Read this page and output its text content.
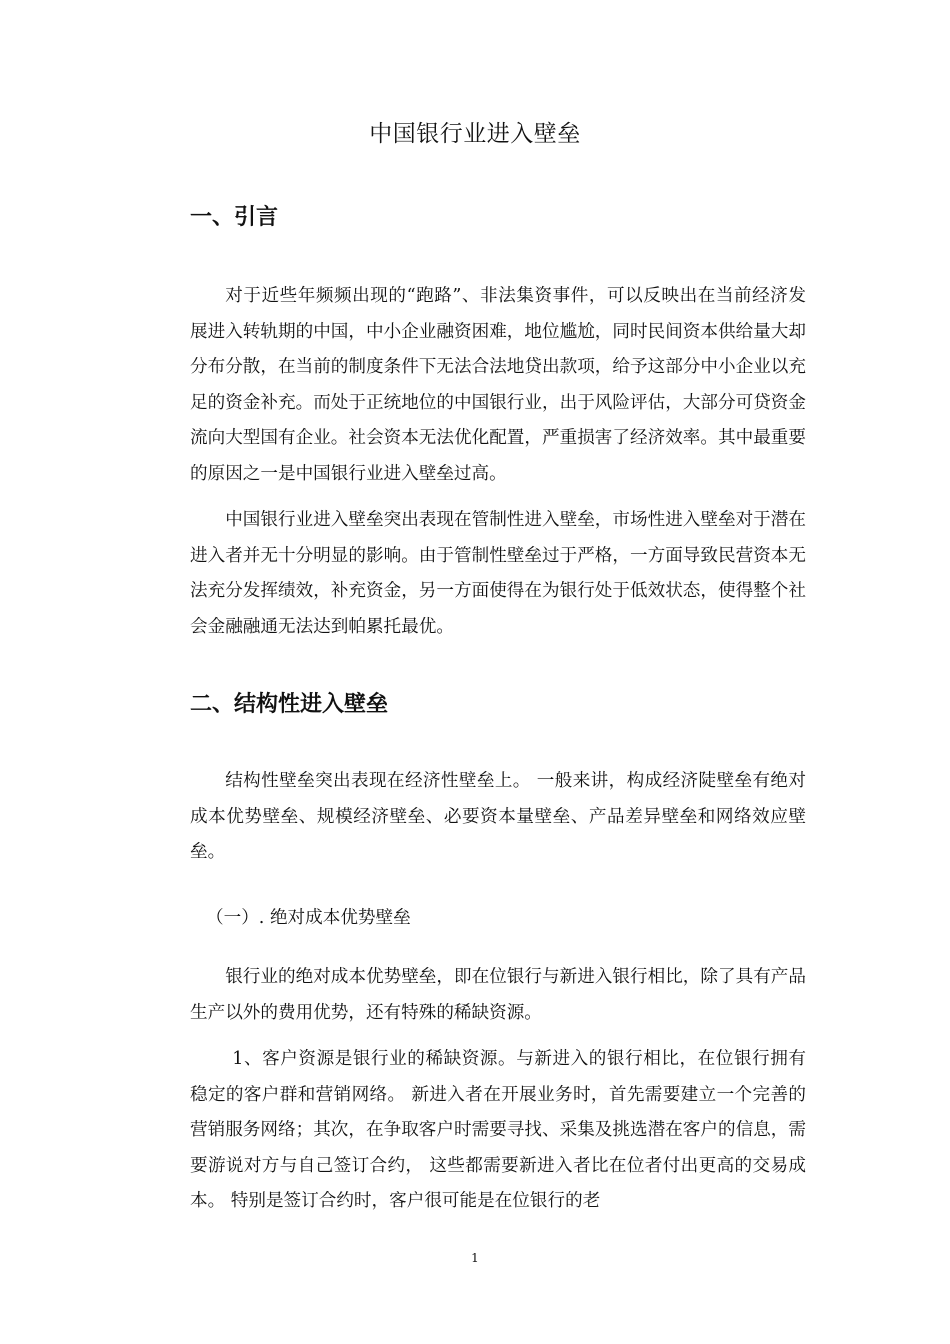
中国银行业进入壁垒
一、引言

对于近些年频频出现的“跑路”、非法集资事件，可以反映出在当前经济发展进入转轨期的中国，中小企业融资困难，地位尴尬，同时民间资本供给量大却分布分散，在当前的制度条件下无法合法地贷出款项，给予这部分中小企业以充足的资金补充。而处于正统地位的中国银行业，出于风险评估，大部分可贷资金流向大型国有企业。社会资本无法优化配置，严重损害了经济效率。其中最重要的原因之一是中国银行业进入壁垒过高。

中国银行业进入壁垒突出表现在管制性进入壁垒，市场性进入壁垒对于潜在进入者并无十分明显的影响。由于管制性壁垒过于严格，一方面导致民营资本无法充分发挥绩效，补充资金，另一方面使得在为银行处于低效状态，使得整个社会金融融通无法达到帕累托最优。

二、结构性进入壁垒

结构性壁垒突出表现在经济性壁垒上。 一般来讲，构成经济陡壁垒有绝对成本优势壁垒、规模经济壁垒、必要资本量壁垒、产品差异壁垒和网络效应壁垒。

（一）. 绝对成本优势壁垒

银行业的绝对成本优势壁垒，即在位银行与新进入银行相比，除了具有产品生产以外的费用优势，还有特殊的稀缺资源。

1、客户资源是银行业的稀缺资源。与新进入的银行相比，在位银行拥有稳定的客户群和营销网络。 新进入者在开展业务时，首先需要建立一个完善的营销服务网络；其次，在争取客户时需要寻找、采集及挑选潜在客户的信息，需要游说对方与自己签订合约， 这些都需要新进入者比在位者付出更高的交易成本。 特别是签订合约时，客户很可能是在位银行的老

1
